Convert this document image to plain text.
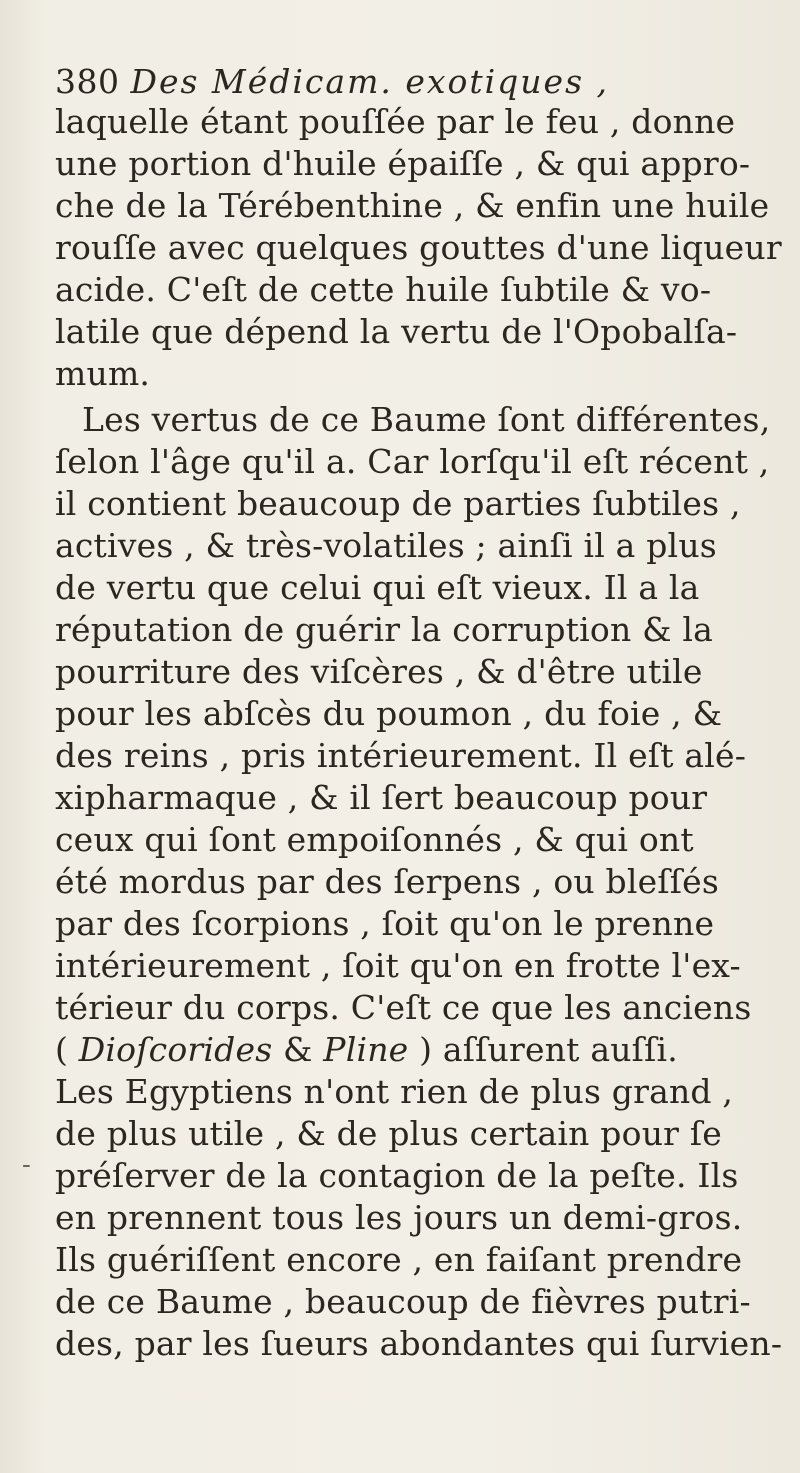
380 Des Médicam. exotiques ,
laquelle étant pouſſée par le feu , donne
une portion d'huile épaiſſe , & qui appro-
che de la Térébenthine , & enfin une huile
rouſſe avec quelques gouttes d'une liqueur
acide. C'eſt de cette huile ſubtile & vo-
latile que dépend la vertu de l'Opobalſa-
mum.
Les vertus de ce Baume ſont différentes,
ſelon l'âge qu'il a. Car lorſqu'il eſt récent ,
il contient beaucoup de parties ſubtiles ,
actives , & très-volatiles ; ainſi il a plus
de vertu que celui qui eſt vieux. Il a la
réputation de guérir la corruption & la
pourriture des viſcères , & d'être utile
pour les abſcès du poumon , du foie , &
des reins , pris intérieurement. Il eſt alé-
xipharmaque , & il ſert beaucoup pour
ceux qui ſont empoiſonnés , & qui ont
été mordus par des ſerpens , ou bleſſés
par des ſcorpions , ſoit qu'on le prenne
intérieurement , ſoit qu'on en frotte l'ex-
térieur du corps. C'eſt ce que les anciens
( Dioſcorides & Pline ) aſſurent auſſi.
Les Egyptiens n'ont rien de plus grand ,
de plus utile , & de plus certain pour ſe
préſerver de la contagion de la peſte. Ils
en prennent tous les jours un demi-gros.
Ils guériſſent encore , en faiſant prendre
de ce Baume , beaucoup de fièvres putri-
des, par les ſueurs abondantes qui ſurvien-
-
